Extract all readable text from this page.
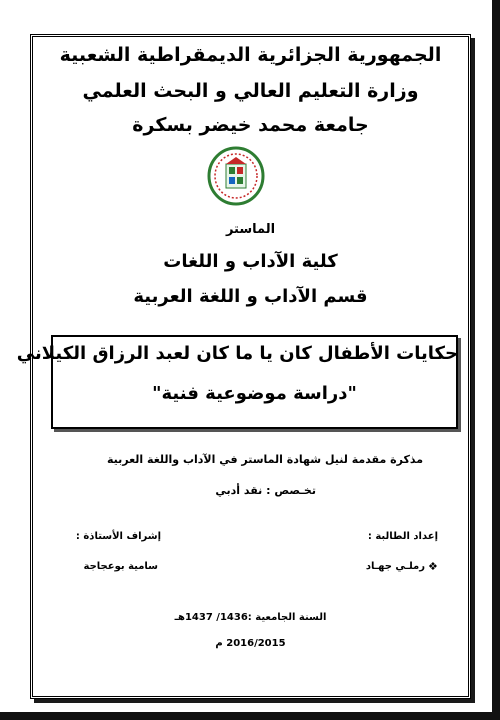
الجمهورية الجزائرية الديمقراطية الشعبية
وزارة التعليم العالي و البحث العلمي
جامعة محمد خيضر بسكرة
الماستر
كلية الآداب و اللغات
قسم الآداب و اللغة العربية
حكايات الأطفال كان يا ما كان لعبد الرزاق الكيلاني
"دراسة موضوعية فنية"
مذكرة مقدمة لنيل شهادة الماستر في الآداب واللغة العربية
تخـصص : نقد أدبي
إعداد الطالبة :
إشراف الأستاذة :
❖
رملـي جهـاد
سامية بوعجاجة
السنة الجامعية :1436/ 1437هـ
2016/2015 م
